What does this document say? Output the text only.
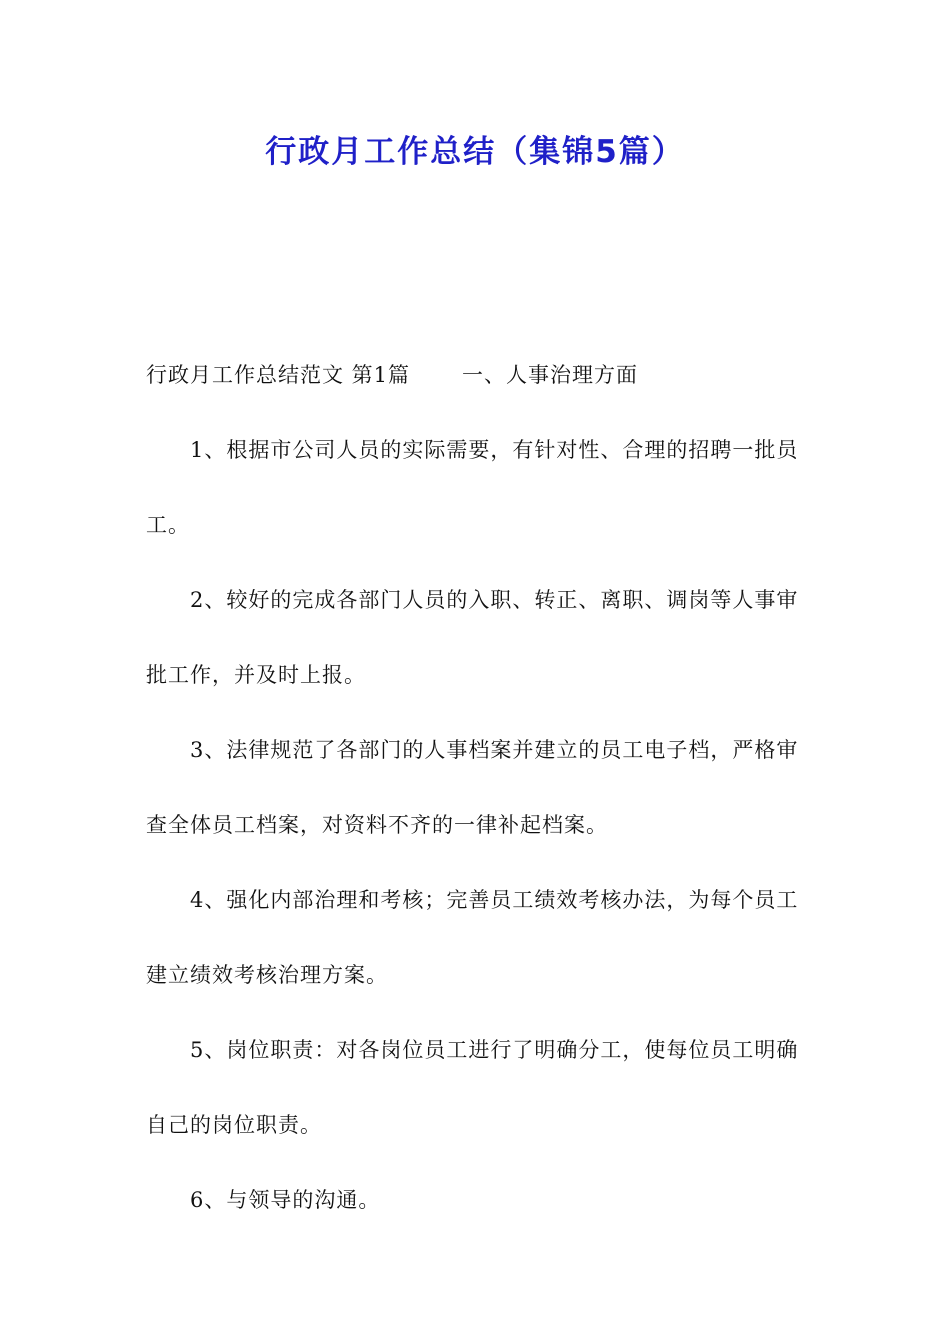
行政月工作总结（集锦5篇）
行政月工作总结范文 第1篇 一、人事治理方面

1、根据市公司人员的实际需要，有针对性、合理的招聘一批员工。

2、较好的完成各部门人员的入职、转正、离职、调岗等人事审批工作，并及时上报。

3、法律规范了各部门的人事档案并建立的员工电子档，严格审查全体员工档案，对资料不齐的一律补起档案。

4、强化内部治理和考核；完善员工绩效考核办法，为每个员工建立绩效考核治理方案。

5、岗位职责：对各岗位员工进行了明确分工，使每位员工明确自己的岗位职责。

6、与领导的沟通。
